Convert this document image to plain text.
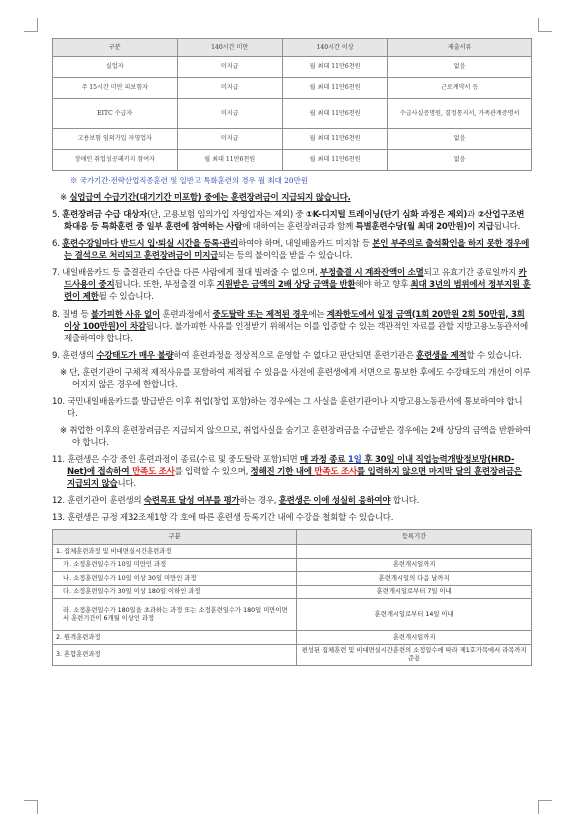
구분	140시간 미만	140시간 이상	제출서류
실업자	미지급	월 최대 11만6천원	없음
주 15시간 미만 피보험자	미지급	월 최대 11만6천원	근로계약서 등
EITC 수급자	미지급	월 최대 11만6천원	수급사실증명원, 결정통지서, 가족관계증명서
고용보험 임의가입 자영업자	미지급	월 최대 11만6천원	없음
장애인 취업성공패키지 참여자	월 최대 11만6천원	월 최대 11만6천원	없음
※ 국가기간·전략산업직종훈련 및 일반고 특화훈련의 경우 월 최대 20만원
※ 실업급여 수급기간(대기기간 미포함) 중에는 훈련장려금이 지급되지 않습니다.
5. 훈련장려금 수급 대상자(단, 고용보험 임의가입 자영업자는 제외) 중 ①K-디지털 트레이닝(단기 심화 과정은 제외)과 ②산업구조변화대응 등 특화훈련 중 일부 훈련에 참여하는 사람에 대하여는 훈련장려금과 함께 특별훈련수당(월 최대 20만원)이 지급됩니다.
6. 훈련수강일마다 반드시 입·퇴실 시간을 등록·관리하여야 하며, 내일배움카드 미지참 등 본인 부주의로 출석확인을 하지 못한 경우에는 결석으로 처리되고 훈련장려금이 미지급되는 등의 불이익을 받을 수 있습니다.
7. 내일배움카드 등 출결관리 수단을 다른 사람에게 절대 빌려줄 수 없으며, 부정출결 시 계좌잔액이 소멸되고 유효기간 종료일까지 카드사용이 중지됩니다. 또한, 부정출결 이후 지원받은 금액의 2배 상당 금액을 반환해야 하고 향후 최대 3년의 범위에서 정부지원 훈련이 제한될 수 있습니다.
8. 질병 등 불가피한 사유 없이 훈련과정에서 중도탈락 또는 제적된 경우에는 계좌한도에서 일정 금액(1회 20만원 2회 50만원, 3회이상 100만원)이 차감됩니다. 불가피한 사유를 인정받기 위해서는 이를 입증할 수 있는 객관적인 자료를 관할 지방고용노동관서에 제출하여야 합니다.
9. 훈련생의 수강태도가 매우 불량하여 훈련과정을 정상적으로 운영할 수 없다고 판단되면 훈련기관은 훈련생을 제적할 수 있습니다.
※ 단, 훈련기관이 구체적 제적사유를 포함하여 제적될 수 있음을 사전에 훈련생에게 서면으로 통보한 후에도 수강태도의 개선이 이루어지지 않은 경우에 한합니다.
10. 국민내일배움카드를 발급받은 이후 취업(창업 포함)하는 경우에는 그 사실을 훈련기관이나 지방고용노동관서에 통보하여야 합니다.
※ 취업한 이후의 훈련장려금은 지급되지 않으므로, 취업사실을 숨기고 훈련장려금을 수급받은 경우에는 2배 상당의 금액을 반환하여야 합니다.
11. 훈련생은 수강 중인 훈련과정이 종료(수료 및 중도탈락 포함)되면 매 과정 종료 1일 후 30일 이내 직업능력개발정보망(HRD-Net)에 접속하여 만족도 조사를 입력할 수 있으며, 정해진 기한 내에 만족도 조사를 입력하지 않으면 마지막 달의 훈련장려금은 지급되지 않습니다.
12. 훈련기관이 훈련생의 숙련목표 달성 여부를 평가하는 경우, 훈련생은 이에 성실히 응하여야 합니다.
13. 훈련생은 규정 제32조제1항 각 호에 따른 훈련생 등록기간 내에 수강을 철회할 수 있습니다.
구분	등록기간
1. 집체훈련과정 및 비대면실시간훈련과정	
가. 소정훈련일수가 10일 미만인 과정	훈련개시일까지
나. 소정훈련일수가 10일 이상 30일 미만인 과정	훈련개시일의 다음 날까지
다. 소정훈련일수가 30일 이상 180일 이하인 과정	훈련개시일로부터 7일 이내
라. 소정훈련일수가 180일을 초과하는 과정 또는 소정훈련일수가 180일 미만이면서 훈련기간이 6개월 이상인 과정	훈련개시일로부터 14일 이내
2. 원격훈련과정	훈련개시일까지
3. 혼합훈련과정	편성된 집체훈련 및 비대면실시간훈련의 소정일수에 따라 제1호가목에서 라목까지 준용
